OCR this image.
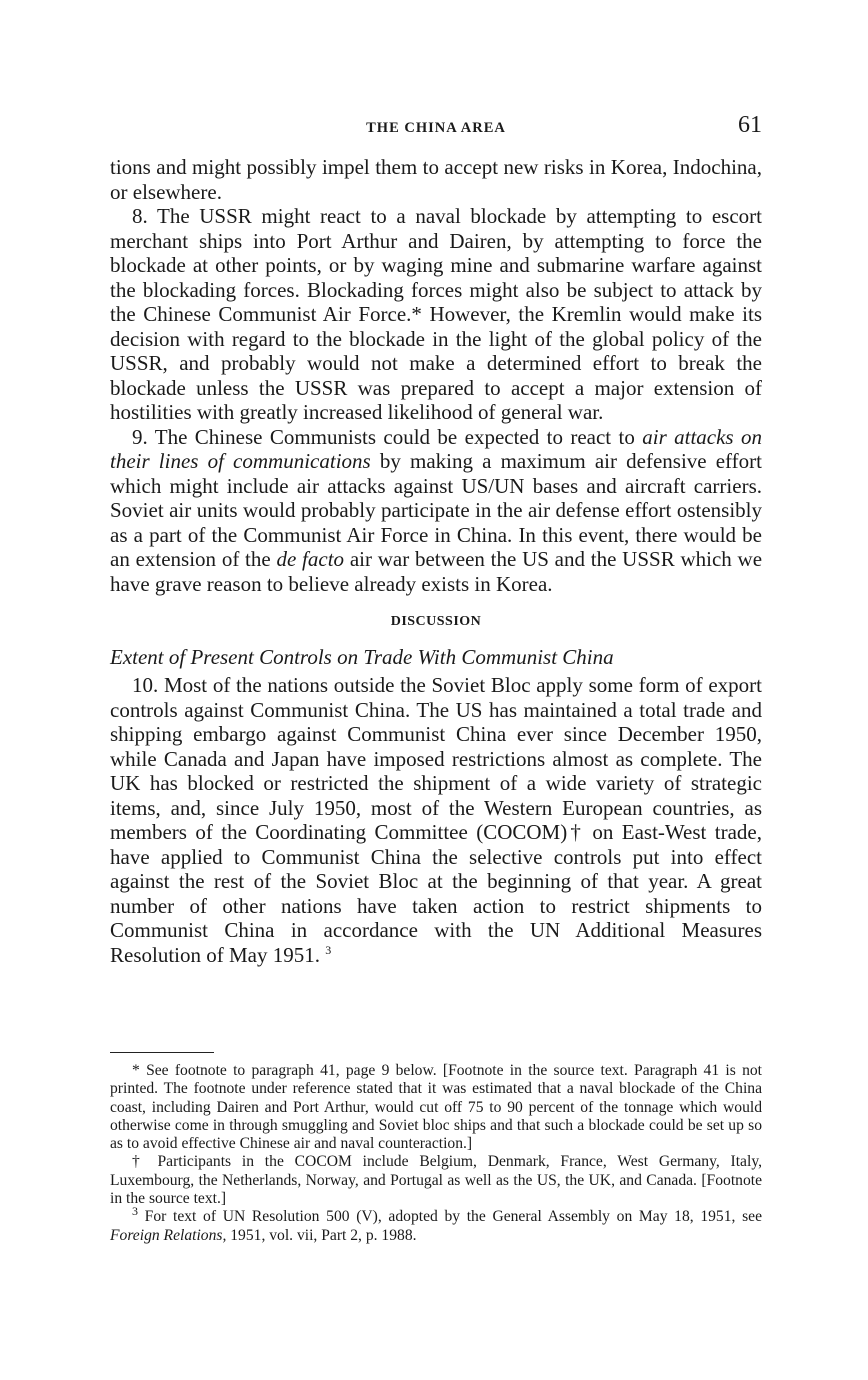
THE CHINA AREA	61

tions and might possibly impel them to accept new risks in Korea, Indochina, or elsewhere.

8. The USSR might react to a naval blockade by attempting to escort merchant ships into Port Arthur and Dairen, by attempting to force the blockade at other points, or by waging mine and submarine warfare against the blockading forces. Blockading forces might also be subject to attack by the Chinese Communist Air Force.* However, the Kremlin would make its decision with regard to the blockade in the light of the global policy of the USSR, and probably would not make a determined effort to break the blockade unless the USSR was prepared to accept a major extension of hostilities with greatly increased likelihood of general war.

9. The Chinese Communists could be expected to react to air attacks on their lines of communications by making a maximum air defensive effort which might include air attacks against US/UN bases and aircraft carriers. Soviet air units would probably participate in the air defense effort ostensibly as a part of the Communist Air Force in China. In this event, there would be an extension of the de facto air war between the US and the USSR which we have grave reason to believe already exists in Korea.

DISCUSSION

Extent of Present Controls on Trade With Communist China

10. Most of the nations outside the Soviet Bloc apply some form of export controls against Communist China. The US has maintained a total trade and shipping embargo against Communist China ever since December 1950, while Canada and Japan have imposed restrictions almost as complete. The UK has blocked or restricted the shipment of a wide variety of strategic items, and, since July 1950, most of the Western European countries, as members of the Coordinating Committee (COCOM)† on East-West trade, have applied to Communist China the selective controls put into effect against the rest of the Soviet Bloc at the beginning of that year. A great number of other nations have taken action to restrict shipments to Communist China in accordance with the UN Additional Measures Resolution of May 1951. $^3$

* See footnote to paragraph 41, page 9 below. [Footnote in the source text. Paragraph 41 is not printed. The footnote under reference stated that it was estimated that a naval blockade of the China coast, including Dairen and Port Arthur, would cut off 75 to 90 percent of the tonnage which would otherwise come in through smuggling and Soviet bloc ships and that such a blockade could be set up so as to avoid effective Chinese air and naval counteraction.]

† Participants in the COCOM include Belgium, Denmark, France, West Germany, Italy, Luxembourg, the Netherlands, Norway, and Portugal as well as the US, the UK, and Canada. [Footnote in the source text.]

$^3$ For text of UN Resolution 500 (V), adopted by the General Assembly on May 18, 1951, see Foreign Relations, 1951, vol. vii, Part 2, p. 1988.
